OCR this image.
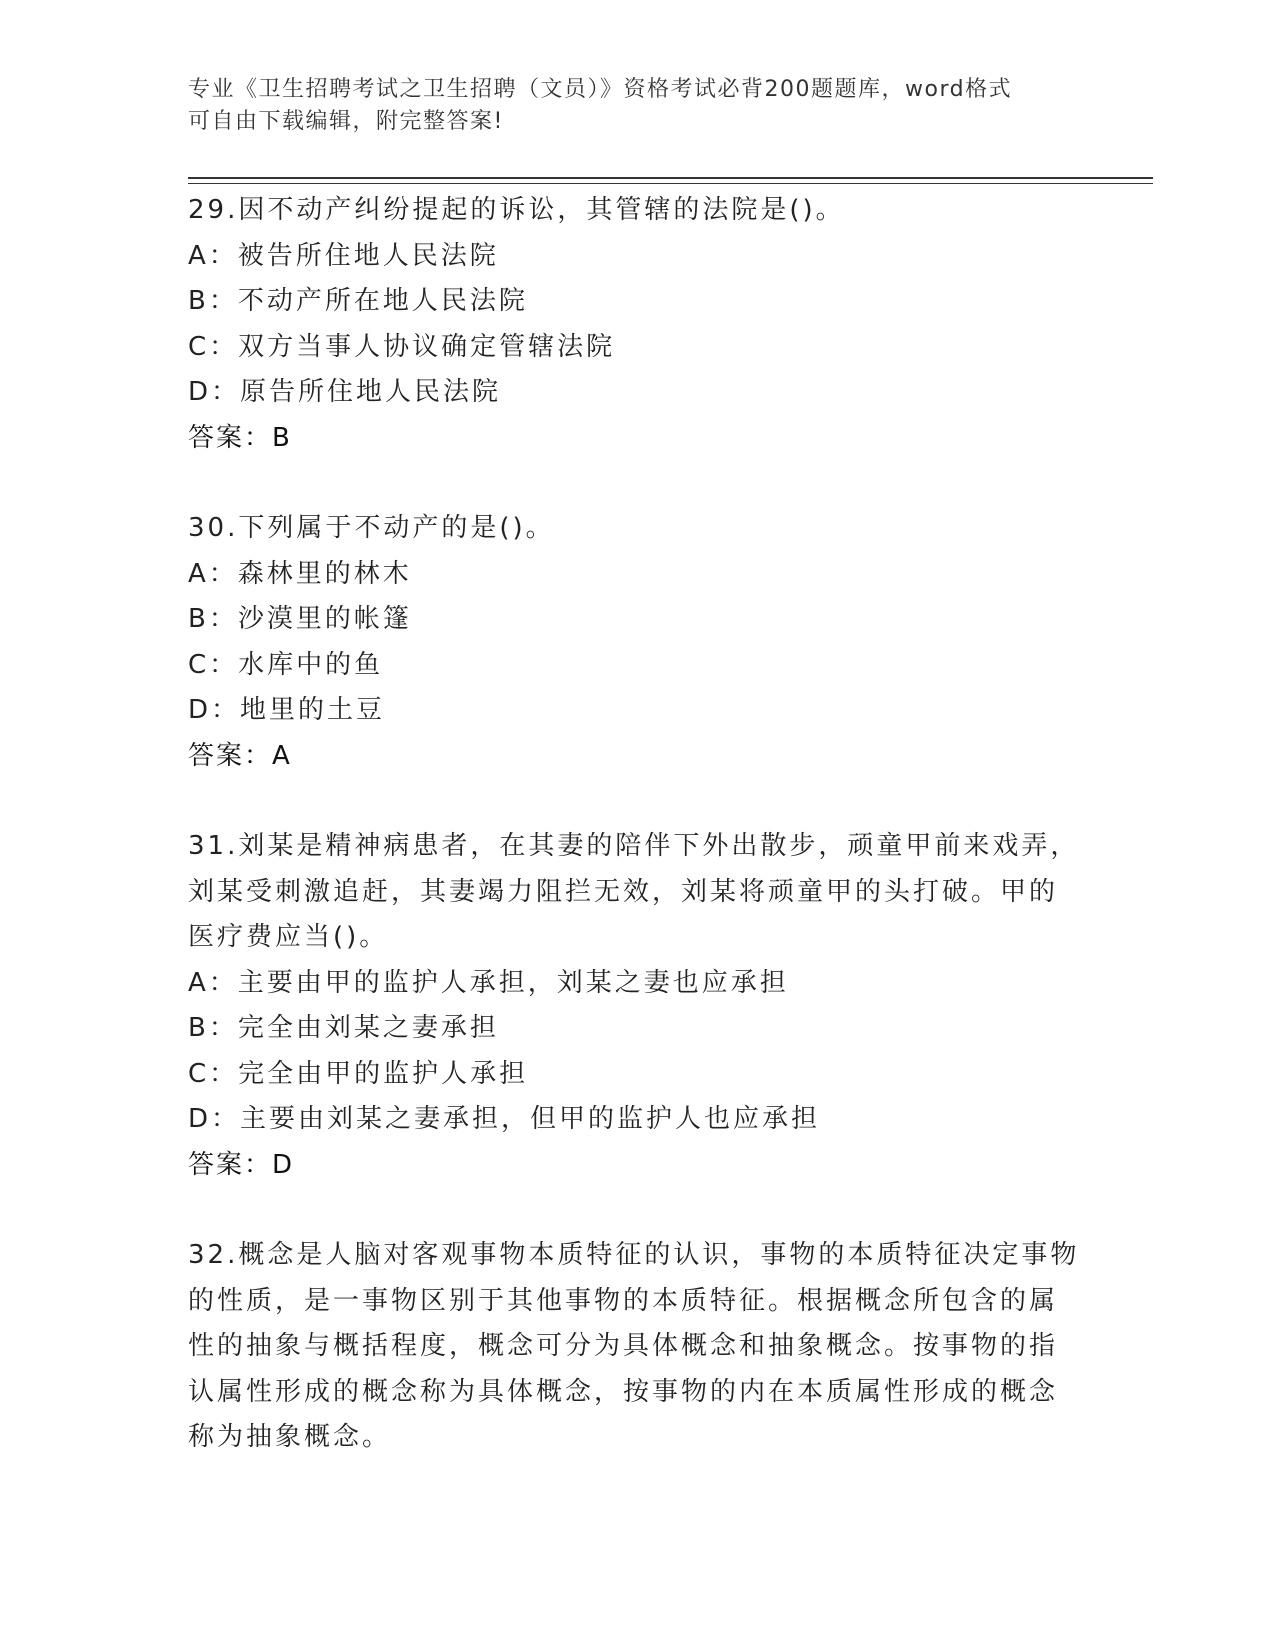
专业《卫生招聘考试之卫生招聘（文员）》资格考试必背200题题库，word格式
可自由下载编辑，附完整答案!
29.因不动产纠纷提起的诉讼，其管辖的法院是()。
A：被告所住地人民法院
B：不动产所在地人民法院
C：双方当事人协议确定管辖法院
D：原告所住地人民法院
答案：B
30.下列属于不动产的是()。
A：森林里的林木
B：沙漠里的帐篷
C：水库中的鱼
D：地里的土豆
答案：A
31.刘某是精神病患者，在其妻的陪伴下外出散步，顽童甲前来戏弄，
刘某受刺激追赶，其妻竭力阻拦无效，刘某将顽童甲的头打破。甲的
医疗费应当()。
A：主要由甲的监护人承担，刘某之妻也应承担
B：完全由刘某之妻承担
C：完全由甲的监护人承担
D：主要由刘某之妻承担，但甲的监护人也应承担
答案：D
32.概念是人脑对客观事物本质特征的认识，事物的本质特征决定事物
的性质，是一事物区别于其他事物的本质特征。根据概念所包含的属
性的抽象与概括程度，概念可分为具体概念和抽象概念。按事物的指
认属性形成的概念称为具体概念，按事物的内在本质属性形成的概念
称为抽象概念。
